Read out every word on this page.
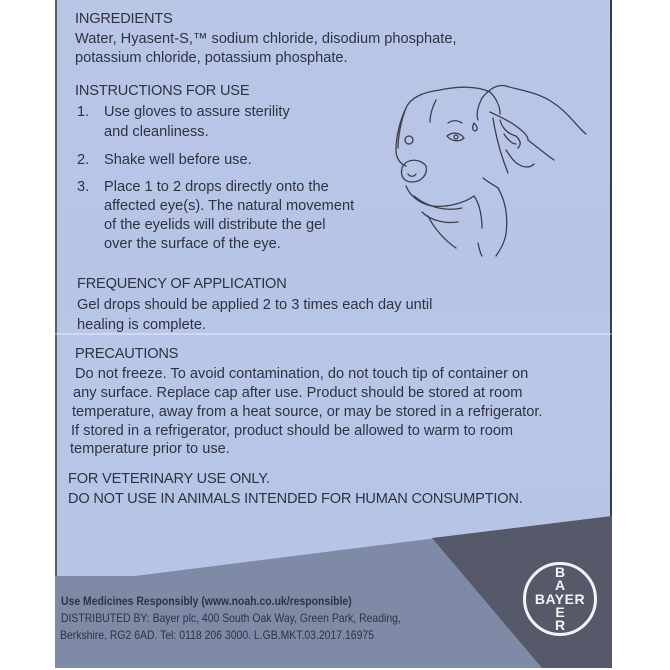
INGREDIENTS
Water, Hyasent-S,™ sodium chloride, disodium phosphate,
potassium chloride, potassium phosphate.
INSTRUCTIONS FOR USE
1. Use gloves to assure sterility
and cleanliness.
2. Shake well before use.
3. Place 1 to 2 drops directly onto the
affected eye(s). The natural movement
of the eyelids will distribute the gel
over the surface of the eye.
FREQUENCY OF APPLICATION
Gel drops should be applied 2 to 3 times each day until
healing is complete.
PRECAUTIONS
Do not freeze. To avoid contamination, do not touch tip of container on
any surface. Replace cap after use. Product should be stored at room
temperature, away from a heat source, or may be stored in a refrigerator.
If stored in a refrigerator, product should be allowed to warm to room
temperature prior to use.
FOR VETERINARY USE ONLY.
DO NOT USE IN ANIMALS INTENDED FOR HUMAN CONSUMPTION.
Use Medicines Responsibly (www.noah.co.uk/responsible)
DISTRIBUTED BY: Bayer plc, 400 South Oak Way, Green Park, Reading,
Berkshire, RG2 6AD. Tel: 0118 206 3000. L.GB.MKT.03.2017.16975
B
A
E
R
BAYER
